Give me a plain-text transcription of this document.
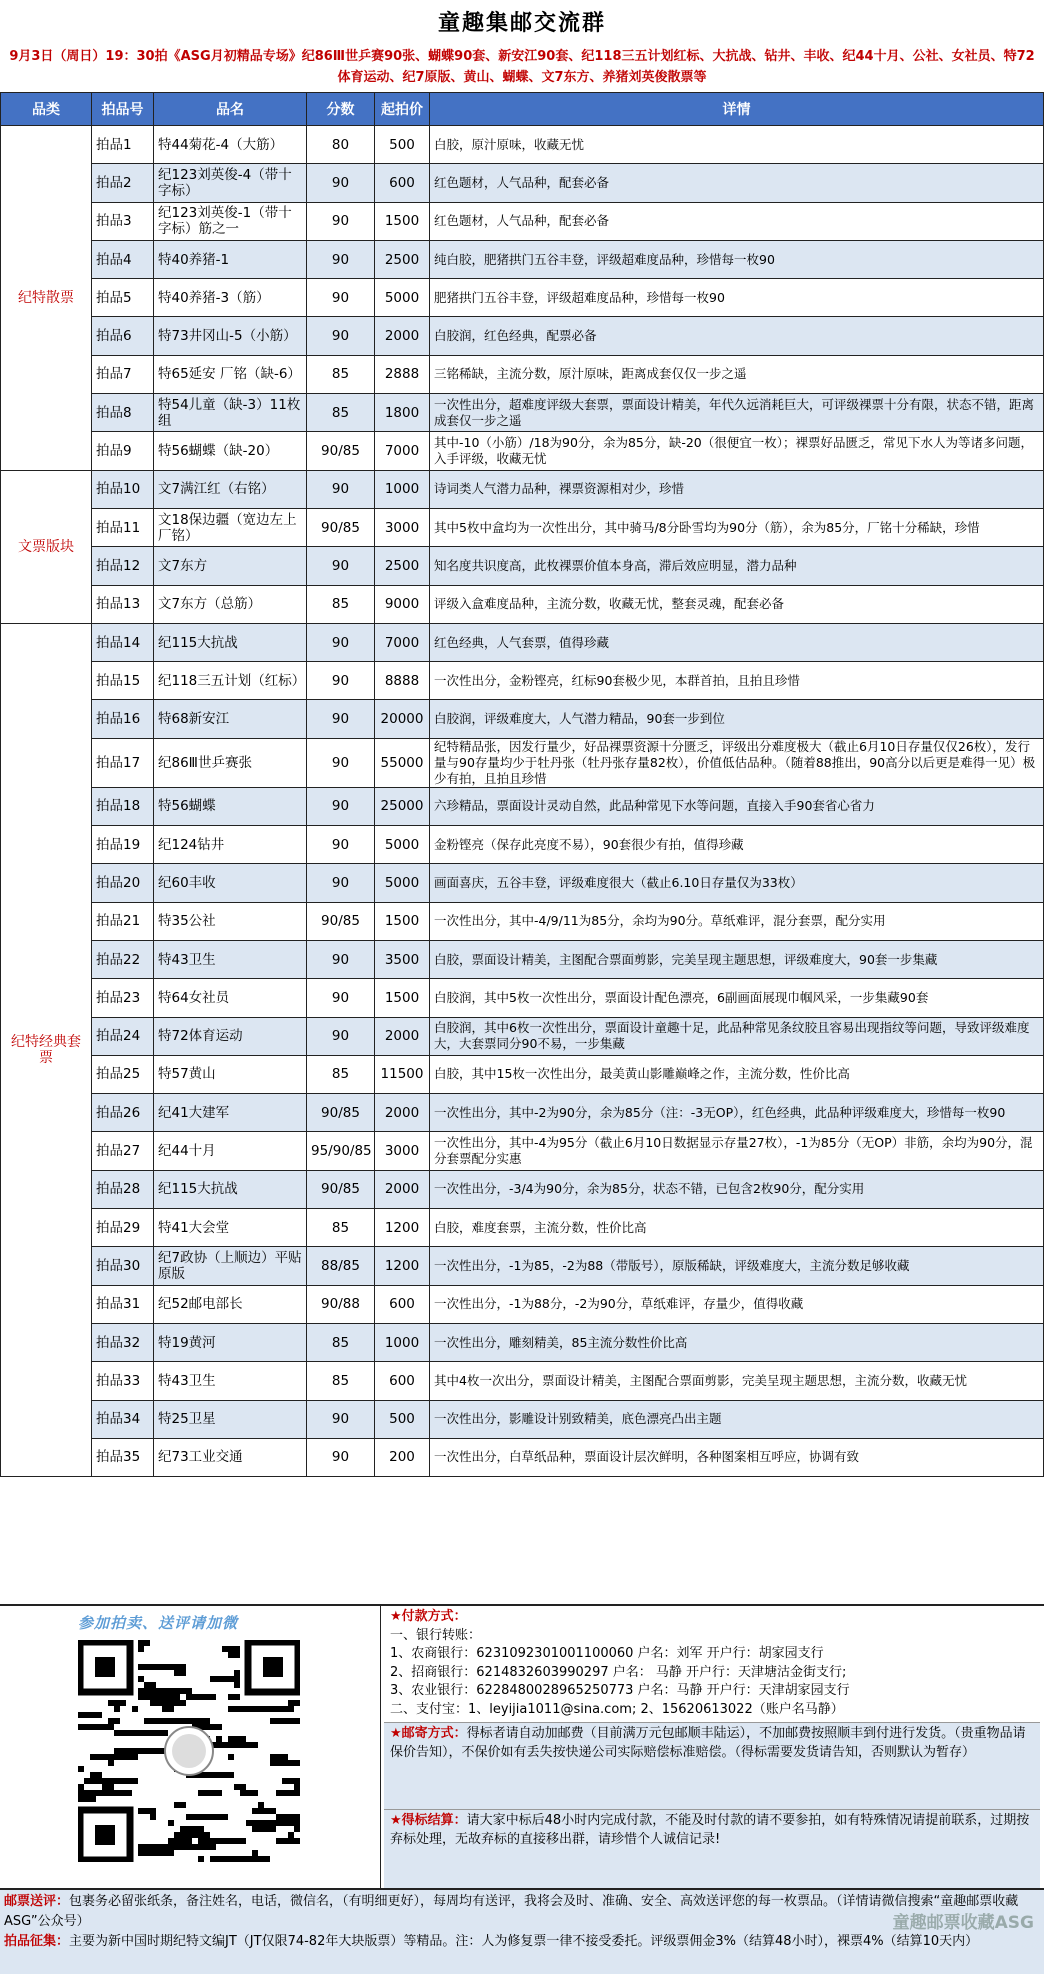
童趣集邮交流群
9月3日（周日）19：30拍《ASG月初精品专场》纪86Ⅲ世乒赛90张、蝴蝶90套、新安江90套、纪118三五计划红标、大抗战、钻井、丰收、纪44十月、公社、女社员、特72体育运动、纪7原版、黄山、蝴蝶、文7东方、养猪刘英俊散票等
品类	拍品号	品名	分数	起拍价	详情
纪特散票	拍品1	特44菊花-4（大筋）	80	500	白胶，原汁原味，收藏无忧
	拍品2	纪123刘英俊-4（带十字标）	90	600	红色题材，人气品种，配套必备
	拍品3	纪123刘英俊-1（带十字标）筋之一	90	1500	红色题材，人气品种，配套必备
	拍品4	特40养猪-1	90	2500	纯白胶，肥猪拱门五谷丰登，评级超难度品种，珍惜每一枚90
	拍品5	特40养猪-3（筋）	90	5000	肥猪拱门五谷丰登，评级超难度品种，珍惜每一枚90
	拍品6	特73井冈山-5（小筋）	90	2000	白胶润，红色经典，配票必备
	拍品7	特65延安 厂铭（缺-6）	85	2888	三铭稀缺，主流分数，原汁原味，距离成套仅仅一步之遥
	拍品8	特54儿童（缺-3）11枚组	85	1800	一次性出分，超难度评级大套票，票面设计精美，年代久远消耗巨大，可评级裸票十分有限，状态不错，距离成套仅一步之遥
	拍品9	特56蝴蝶（缺-20）	90/85	7000	其中-10（小筋）/18为90分，余为85分，缺-20（很便宜一枚）；裸票好品匮乏，常见下水人为等诸多问题，入手评级，收藏无忧
文票版块	拍品10	文7满江红（右铭）	90	1000	诗词类人气潜力品种，裸票资源相对少，珍惜
	拍品11	文18保边疆（宽边左上厂铭）	90/85	3000	其中5枚中盒均为一次性出分，其中骑马/8分卧雪均为90分（筋），余为85分，厂铭十分稀缺，珍惜
	拍品12	文7东方	90	2500	知名度共识度高，此枚裸票价值本身高，滞后效应明显，潜力品种
	拍品13	文7东方（总筋）	85	9000	评级入盒难度品种，主流分数，收藏无忧，整套灵魂，配套必备
纪特经典套票	拍品14	纪115大抗战	90	7000	红色经典，人气套票，值得珍藏
	拍品15	纪118三五计划（红标）	90	8888	一次性出分，金粉铿亮，红标90套极少见，本群首拍，且拍且珍惜
	拍品16	特68新安江	90	20000	白胶润，评级难度大，人气潜力精品，90套一步到位
	拍品17	纪86Ⅲ世乒赛张	90	55000	纪特精品张，因发行量少，好品裸票资源十分匮乏，评级出分难度极大（截止6月10日存量仅仅26枚），发行量与90存量均少于牡丹张（牡丹张存量82枚），价值低估品种。（随着88推出，90高分以后更是难得一见）极少有拍，且拍且珍惜
	拍品18	特56蝴蝶	90	25000	六珍精品，票面设计灵动自然，此品种常见下水等问题，直接入手90套省心省力
	拍品19	纪124钻井	90	5000	金粉铿亮（保存此亮度不易），90套很少有拍，值得珍藏
	拍品20	纪60丰收	90	5000	画面喜庆，五谷丰登，评级难度很大（截止6.10日存量仅为33枚）
	拍品21	特35公社	90/85	1500	一次性出分，其中-4/9/11为85分，余均为90分。草纸难评，混分套票，配分实用
	拍品22	特43卫生	90	3500	白胶，票面设计精美，主图配合票面剪影，完美呈现主题思想，评级难度大，90套一步集藏
	拍品23	特64女社员	90	1500	白胶润，其中5枚一次性出分，票面设计配色漂亮，6副画面展现巾帼风采，一步集藏90套
	拍品24	特72体育运动	90	2000	白胶润，其中6枚一次性出分，票面设计童趣十足，此品种常见条纹胶且容易出现指纹等问题，导致评级难度大，大套票同分90不易，一步集藏
	拍品25	特57黄山	85	11500	白胶，其中15枚一次性出分，最美黄山影雕巅峰之作，主流分数，性价比高
	拍品26	纪41大建军	90/85	2000	一次性出分，其中-2为90分，余为85分（注：-3无OP），红色经典，此品种评级难度大，珍惜每一枚90
	拍品27	纪44十月	95/90/85	3000	一次性出分，其中-4为95分（截止6月10日数据显示存量27枚），-1为85分（无OP）非筋，余均为90分，混分套票配分实惠
	拍品28	纪115大抗战	90/85	2000	一次性出分，-3/4为90分，余为85分，状态不错，已包含2枚90分，配分实用
	拍品29	特41大会堂	85	1200	白胶，难度套票，主流分数，性价比高
	拍品30	纪7政协（上顺边）平贴原版	88/85	1200	一次性出分，-1为85，-2为88（带版号），原版稀缺，评级难度大，主流分数足够收藏
	拍品31	纪52邮电部长	90/88	600	一次性出分，-1为88分，-2为90分，草纸难评，存量少，值得收藏
	拍品32	特19黄河	85	1000	一次性出分，雕刻精美，85主流分数性价比高
	拍品33	特43卫生	85	600	其中4枚一次出分，票面设计精美，主图配合票面剪影，完美呈现主题思想，主流分数，收藏无忧
	拍品34	特25卫星	90	500	一次性出分，影雕设计别致精美，底色漂亮凸出主题
	拍品35	纪73工业交通	90	200	一次性出分，白草纸品种，票面设计层次鲜明，各种图案相互呼应，协调有致
参加拍卖、送评请加微	★付款方式：
一、银行转账：
1、农商银行：6231092301001100060 户名：刘军 开户行：胡家园支行
2、招商银行：6214832603990297 户名： 马静 开户行：天津塘沽金街支行;
3、农业银行：6228480028965250773 户名：马静 开户行：天津胡家园支行
二、支付宝：1、leyijia1011@sina.com; 2、15620613022（账户名马静）
★邮寄方式：得标者请自动加邮费（目前满万元包邮顺丰陆运），不加邮费按照顺丰到付进行发货。（贵重物品请保价告知），不保价如有丢失按快递公司实际赔偿标准赔偿。（得标需要发货请告知，否则默认为暂存）
★得标结算：请大家中标后48小时内完成付款，不能及时付款的请不要参拍，如有特殊情况请提前联系，过期按弃标处理，无故弃标的直接移出群，请珍惜个人诚信记录!
邮票送评：包裹务必留张纸条，备注姓名，电话，微信名，（有明细更好），每周均有送评，我将会及时、准确、安全、高效送评您的每一枚票品。（详情请微信搜索“童趣邮票收藏ASG”公众号）
拍品征集：主要为新中国时期纪特文编JT（JT仅限74-82年大块版票）等精品。注：人为修复票一律不接受委托。评级票佣金3%（结算48小时），裸票4%（结算10天内）
童趣邮票收藏ASG
